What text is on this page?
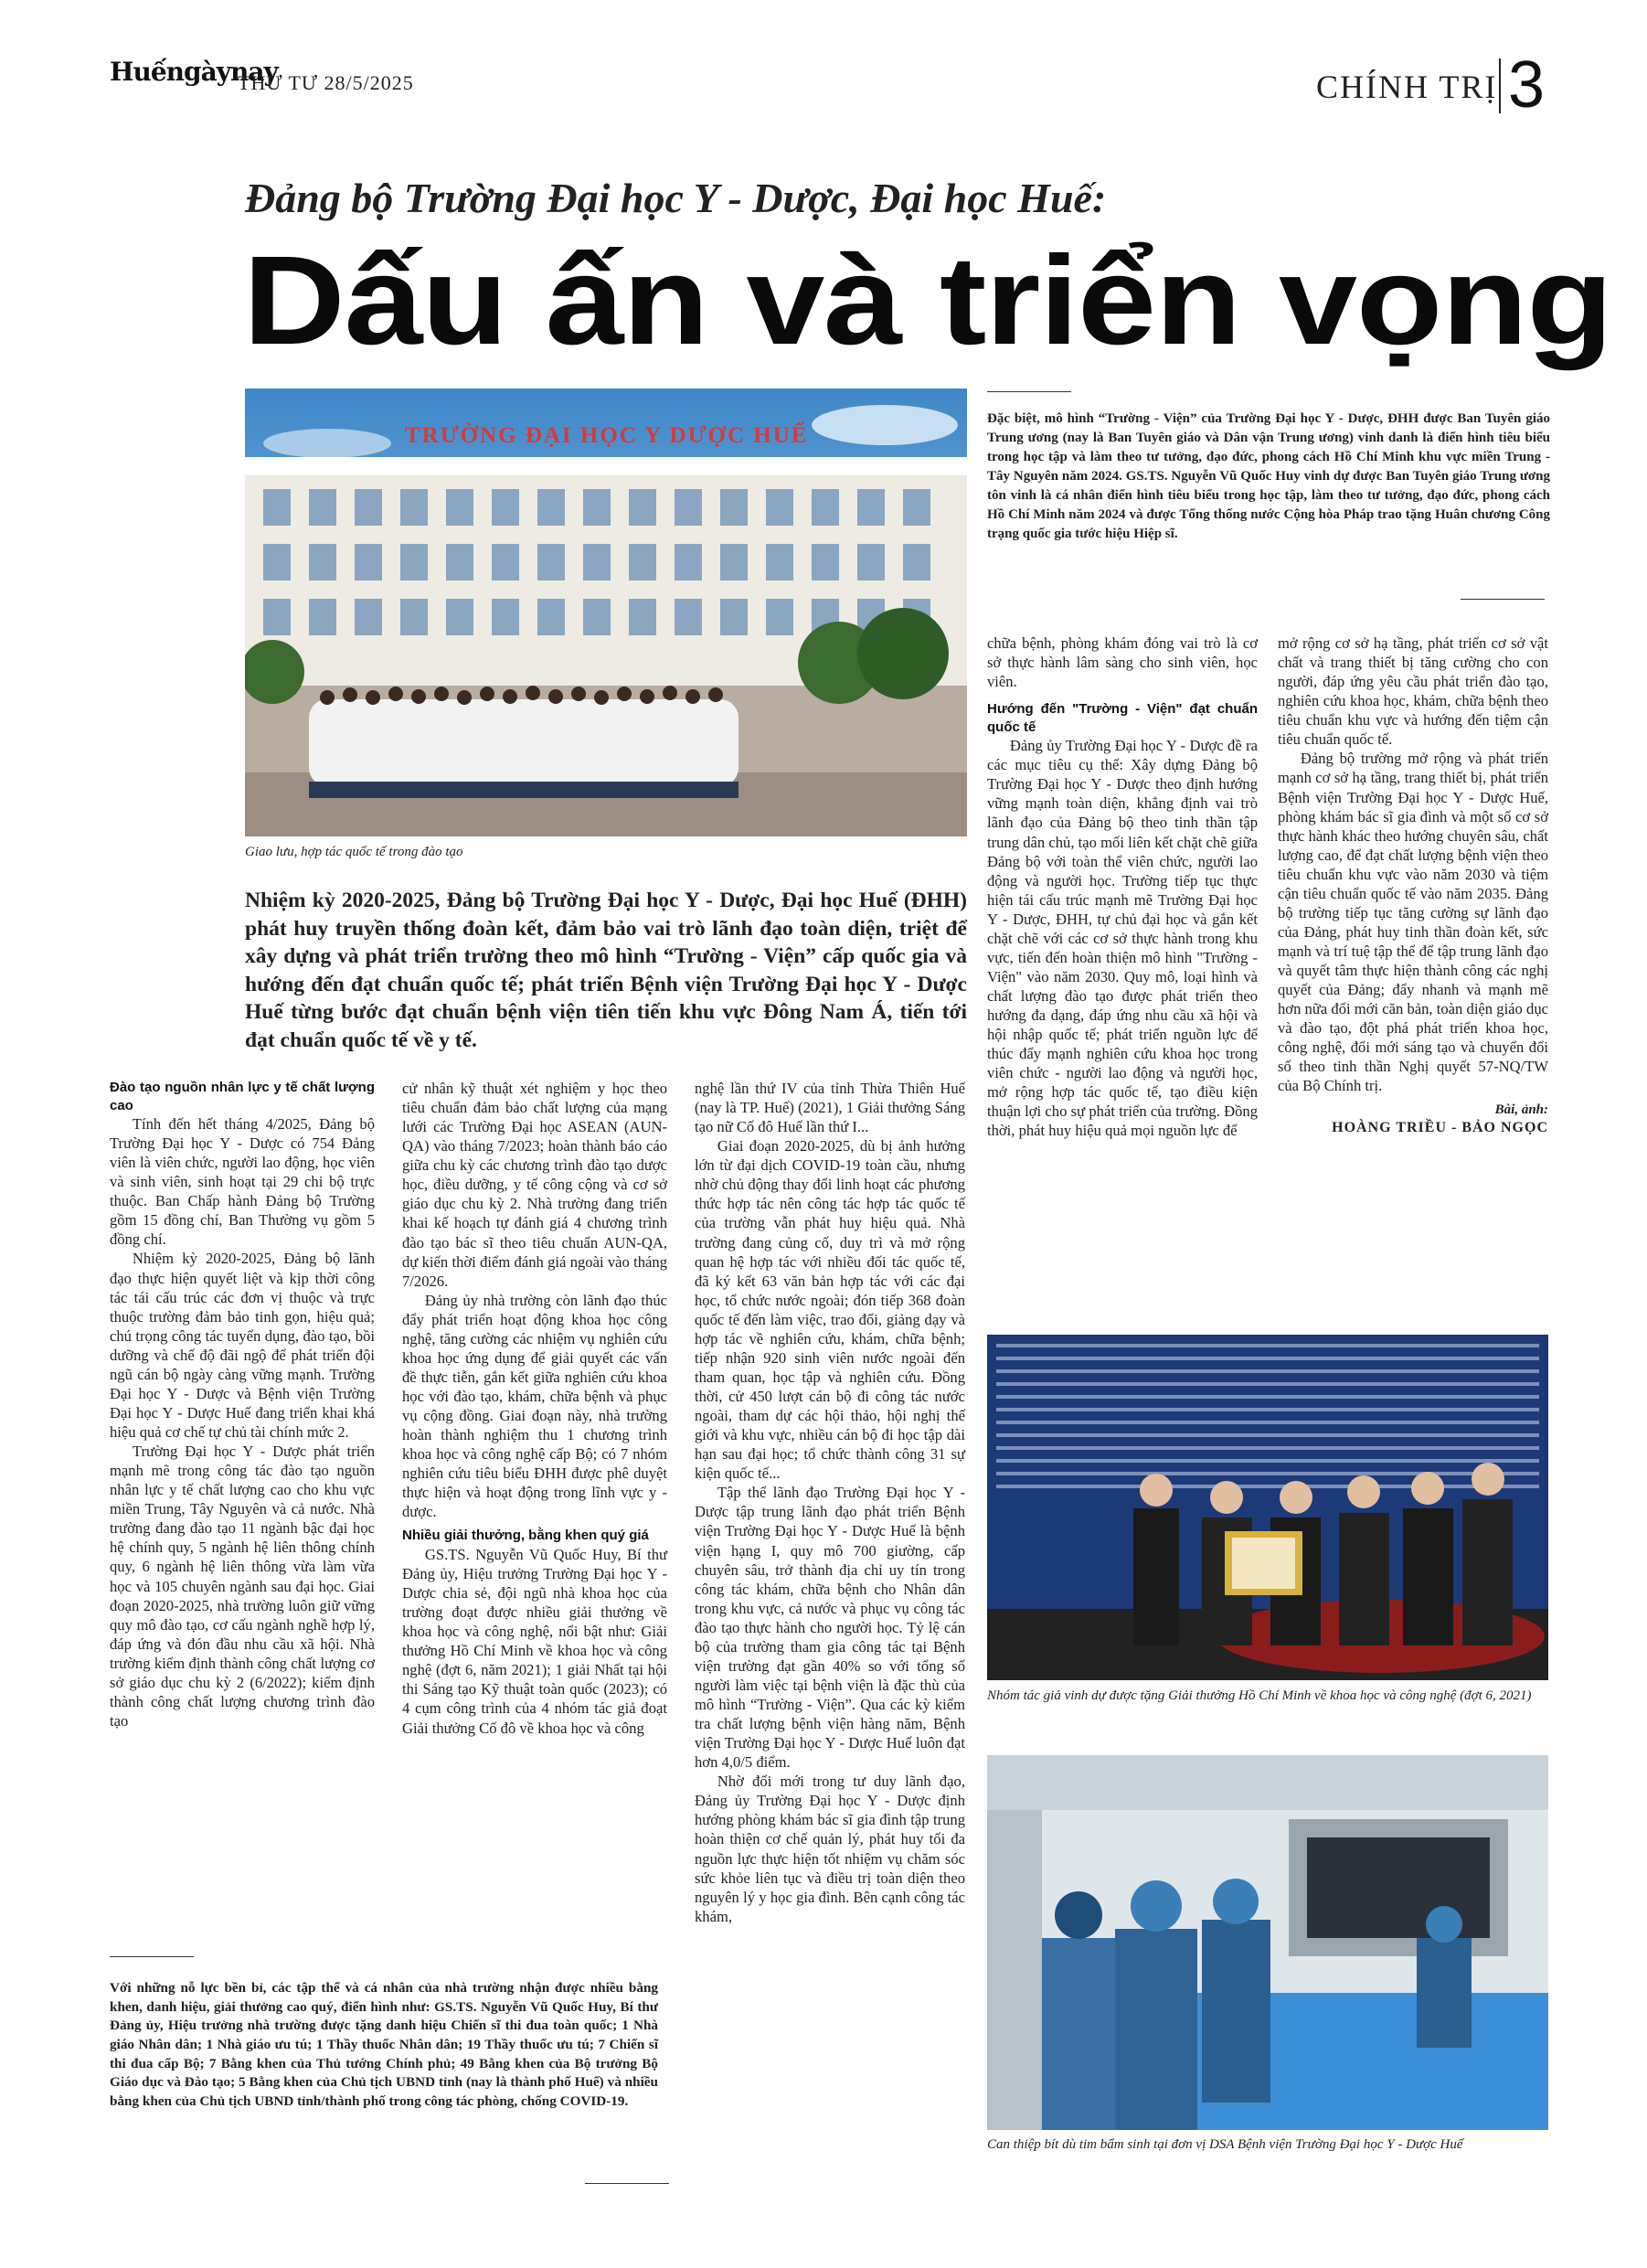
Huếngàynay
THỨ TƯ 28/5/2025	CHÍNH TRỊ 3
Đảng bộ Trường Đại học Y - Dược, Đại học Huế:
Dấu ấn và triển vọng
TRƯỜNG ĐẠI HỌC Y DƯỢC HUẾ
Giao lưu, hợp tác quốc tế trong đào tạo
Đặc biệt, mô hình “Trường - Viện” của Trường Đại học Y - Dược, ĐHH được Ban Tuyên giáo Trung ương (nay là Ban Tuyên giáo và Dân vận Trung ương) vinh danh là điển hình tiêu biểu trong học tập và làm theo tư tưởng, đạo đức, phong cách Hồ Chí Minh khu vực miền Trung - Tây Nguyên năm 2024. GS.TS. Nguyễn Vũ Quốc Huy vinh dự được Ban Tuyên giáo Trung ương tôn vinh là cá nhân điển hình tiêu biểu trong học tập, làm theo tư tưởng, đạo đức, phong cách Hồ Chí Minh năm 2024 và được Tổng thống nước Cộng hòa Pháp trao tặng Huân chương Công trạng quốc gia tước hiệu Hiệp sĩ.
Nhiệm kỳ 2020-2025, Đảng bộ Trường Đại học Y - Dược, Đại học Huế (ĐHH) phát huy truyền thống đoàn kết, đảm bảo vai trò lãnh đạo toàn diện, triệt để xây dựng và phát triển trường theo mô hình “Trường - Viện” cấp quốc gia và hướng đến đạt chuẩn quốc tế; phát triển Bệnh viện Trường Đại học Y - Dược Huế từng bước đạt chuẩn bệnh viện tiên tiến khu vực Đông Nam Á, tiến tới đạt chuẩn quốc tế về y tế.
Đào tạo nguồn nhân lực y tế chất lượng cao

Tính đến hết tháng 4/2025, Đảng bộ Trường Đại học Y - Dược có 754 Đảng viên là viên chức, người lao động, học viên và sinh viên, sinh hoạt tại 29 chi bộ trực thuộc. Ban Chấp hành Đảng bộ Trường gồm 15 đồng chí, Ban Thường vụ gồm 5 đồng chí.

Nhiệm kỳ 2020-2025, Đảng bộ lãnh đạo thực hiện quyết liệt và kịp thời công tác tái cấu trúc các đơn vị thuộc và trực thuộc trường đảm bảo tinh gọn, hiệu quả; chú trọng công tác tuyển dụng, đào tạo, bồi dưỡng và chế độ đãi ngộ để phát triển đội ngũ cán bộ ngày càng vững mạnh. Trường Đại học Y - Dược và Bệnh viện Trường Đại học Y - Dược Huế đang triển khai khá hiệu quả cơ chế tự chủ tài chính mức 2.

Trường Đại học Y - Dược phát triển mạnh mẽ trong công tác đào tạo nguồn nhân lực y tế chất lượng cao cho khu vực miền Trung, Tây Nguyên và cả nước. Nhà trường đang đào tạo 11 ngành bậc đại học hệ chính quy, 5 ngành hệ liên thông chính quy, 6 ngành hệ liên thông vừa làm vừa học và 105 chuyên ngành sau đại học. Giai đoạn 2020-2025, nhà trường luôn giữ vững quy mô đào tạo, cơ cấu ngành nghề hợp lý, đáp ứng và đón đầu nhu cầu xã hội. Nhà trường kiểm định thành công chất lượng cơ sở giáo dục chu kỳ 2 (6/2022); kiểm định thành công chất lượng chương trình đào tạo

cử nhân kỹ thuật xét nghiệm y học theo tiêu chuẩn đảm bảo chất lượng của mạng lưới các Trường Đại học ASEAN (AUN-QA) vào tháng 7/2023; hoàn thành báo cáo giữa chu kỳ các chương trình đào tạo dược học, điều dưỡng, y tế công cộng và cơ sở giáo dục chu kỳ 2. Nhà trường đang triển khai kế hoạch tự đánh giá 4 chương trình đào tạo bác sĩ theo tiêu chuẩn AUN-QA, dự kiến thời điểm đánh giá ngoài vào tháng 7/2026.

Đảng ủy nhà trường còn lãnh đạo thúc đẩy phát triển hoạt động khoa học công nghệ, tăng cường các nhiệm vụ nghiên cứu khoa học ứng dụng để giải quyết các vấn đề thực tiễn, gắn kết giữa nghiên cứu khoa học với đào tạo, khám, chữa bệnh và phục vụ cộng đồng. Giai đoạn này, nhà trường hoàn thành nghiệm thu 1 chương trình khoa học và công nghệ cấp Bộ; có 7 nhóm nghiên cứu tiêu biểu ĐHH được phê duyệt thực hiện và hoạt động trong lĩnh vực y - dược.

Nhiều giải thưởng, bằng khen quý giá

GS.TS. Nguyễn Vũ Quốc Huy, Bí thư Đảng ủy, Hiệu trưởng Trường Đại học Y - Dược chia sẻ, đội ngũ nhà khoa học của trường đoạt được nhiều giải thưởng về khoa học và công nghệ, nổi bật như: Giải thưởng Hồ Chí Minh về khoa học và công nghệ (đợt 6, năm 2021); 1 giải Nhất tại hội thi Sáng tạo Kỹ thuật toàn quốc (2023); có 4 cụm công trình của 4 nhóm tác giả đoạt Giải thưởng Cố đô về khoa học và công

nghệ lần thứ IV của tỉnh Thừa Thiên Huế (nay là TP. Huế) (2021), 1 Giải thưởng Sáng tạo nữ Cố đô Huế lần thứ I...

Giai đoạn 2020-2025, dù bị ảnh hưởng lớn từ đại dịch COVID-19 toàn cầu, nhưng nhờ chủ động thay đổi linh hoạt các phương thức hợp tác nên công tác hợp tác quốc tế của trường vẫn phát huy hiệu quả. Nhà trường đang củng cố, duy trì và mở rộng quan hệ hợp tác với nhiều đối tác quốc tế, đã ký kết 63 văn bản hợp tác với các đại học, tổ chức nước ngoài; đón tiếp 368 đoàn quốc tế đến làm việc, trao đổi, giảng dạy và hợp tác về nghiên cứu, khám, chữa bệnh; tiếp nhận 920 sinh viên nước ngoài đến tham quan, học tập và nghiên cứu. Đồng thời, cử 450 lượt cán bộ đi công tác nước ngoài, tham dự các hội thảo, hội nghị thế giới và khu vực, nhiều cán bộ đi học tập dài hạn sau đại học; tổ chức thành công 31 sự kiện quốc tế...

Tập thể lãnh đạo Trường Đại học Y - Dược tập trung lãnh đạo phát triển Bệnh viện Trường Đại học Y - Dược Huế là bệnh viện hạng I, quy mô 700 giường, cấp chuyên sâu, trở thành địa chỉ uy tín trong công tác khám, chữa bệnh cho Nhân dân trong khu vực, cả nước và phục vụ công tác đào tạo thực hành cho người học. Tỷ lệ cán bộ của trường tham gia công tác tại Bệnh viện trường đạt gần 40% so với tổng số người làm việc tại bệnh viện là đặc thù của mô hình “Trường - Viện”. Qua các kỳ kiểm tra chất lượng bệnh viện hàng năm, Bệnh viện Trường Đại học Y - Dược Huế luôn đạt hơn 4,0/5 điểm.

Nhờ đổi mới trong tư duy lãnh đạo, Đảng ủy Trường Đại học Y - Dược định hướng phòng khám bác sĩ gia đình tập trung hoàn thiện cơ chế quản lý, phát huy tối đa nguồn lực thực hiện tốt nhiệm vụ chăm sóc sức khỏe liên tục và điều trị toàn diện theo nguyên lý y học gia đình. Bên cạnh công tác khám,

chữa bệnh, phòng khám đóng vai trò là cơ sở thực hành lâm sàng cho sinh viên, học viên.

Hướng đến "Trường - Viện" đạt chuẩn quốc tế

Đảng ủy Trường Đại học Y - Dược đề ra các mục tiêu cụ thể: Xây dựng Đảng bộ Trường Đại học Y - Dược theo định hướng vững mạnh toàn diện, khẳng định vai trò lãnh đạo của Đảng bộ theo tinh thần tập trung dân chủ, tạo mối liên kết chặt chẽ giữa Đảng bộ với toàn thể viên chức, người lao động và người học. Trường tiếp tục thực hiện tái cấu trúc mạnh mẽ Trường Đại học Y - Dược, ĐHH, tự chủ đại học và gắn kết chặt chẽ với các cơ sở thực hành trong khu vực, tiến đến hoàn thiện mô hình "Trường - Viện" vào năm 2030. Quy mô, loại hình và chất lượng đào tạo được phát triển theo hướng đa dạng, đáp ứng nhu cầu xã hội và hội nhập quốc tế; phát triển nguồn lực để thúc đẩy mạnh nghiên cứu khoa học trong viên chức - người lao động và người học, mở rộng hợp tác quốc tế, tạo điều kiện thuận lợi cho sự phát triển của trường. Đồng thời, phát huy hiệu quả mọi nguồn lực để

mở rộng cơ sở hạ tầng, phát triển cơ sở vật chất và trang thiết bị tăng cường cho con người, đáp ứng yêu cầu phát triển đào tạo, nghiên cứu khoa học, khám, chữa bệnh theo tiêu chuẩn khu vực và hướng đến tiệm cận tiêu chuẩn quốc tế.

Đảng bộ trường mở rộng và phát triển mạnh cơ sở hạ tầng, trang thiết bị, phát triển Bệnh viện Trường Đại học Y - Dược Huế, phòng khám bác sĩ gia đình và một số cơ sở thực hành khác theo hướng chuyên sâu, chất lượng cao, để đạt chất lượng bệnh viện theo tiêu chuẩn khu vực vào năm 2030 và tiệm cận tiêu chuẩn quốc tế vào năm 2035. Đảng bộ trường tiếp tục tăng cường sự lãnh đạo của Đảng, phát huy tinh thần đoàn kết, sức mạnh và trí tuệ tập thể để tập trung lãnh đạo và quyết tâm thực hiện thành công các nghị quyết của Đảng; đẩy nhanh và mạnh mẽ hơn nữa đổi mới căn bản, toàn diện giáo dục và đào tạo, đột phá phát triển khoa học, công nghệ, đổi mới sáng tạo và chuyển đổi số theo tinh thần Nghị quyết 57-NQ/TW của Bộ Chính trị.

Bài, ảnh:
HOÀNG TRIỀU - BẢO NGỌC
Nhóm tác giả vinh dự được tặng Giải thưởng Hồ Chí Minh về khoa học và công nghệ (đợt 6, 2021)
Can thiệp bít dù tim bẩm sinh tại đơn vị DSA Bệnh viện Trường Đại học Y - Dược Huế
Với những nỗ lực bền bỉ, các tập thể và cá nhân của nhà trường nhận được nhiều bằng khen, danh hiệu, giải thưởng cao quý, điển hình như: GS.TS. Nguyễn Vũ Quốc Huy, Bí thư Đảng ủy, Hiệu trưởng nhà trường được tặng danh hiệu Chiến sĩ thi đua toàn quốc; 1 Nhà giáo Nhân dân; 1 Nhà giáo ưu tú; 1 Thầy thuốc Nhân dân; 19 Thầy thuốc ưu tú; 7 Chiến sĩ thi đua cấp Bộ; 7 Bằng khen của Thủ tướng Chính phủ; 49 Bằng khen của Bộ trưởng Bộ Giáo dục và Đào tạo; 5 Bằng khen của Chủ tịch UBND tỉnh (nay là thành phố Huế) và nhiều bằng khen của Chủ tịch UBND tỉnh/thành phố trong công tác phòng, chống COVID-19.
